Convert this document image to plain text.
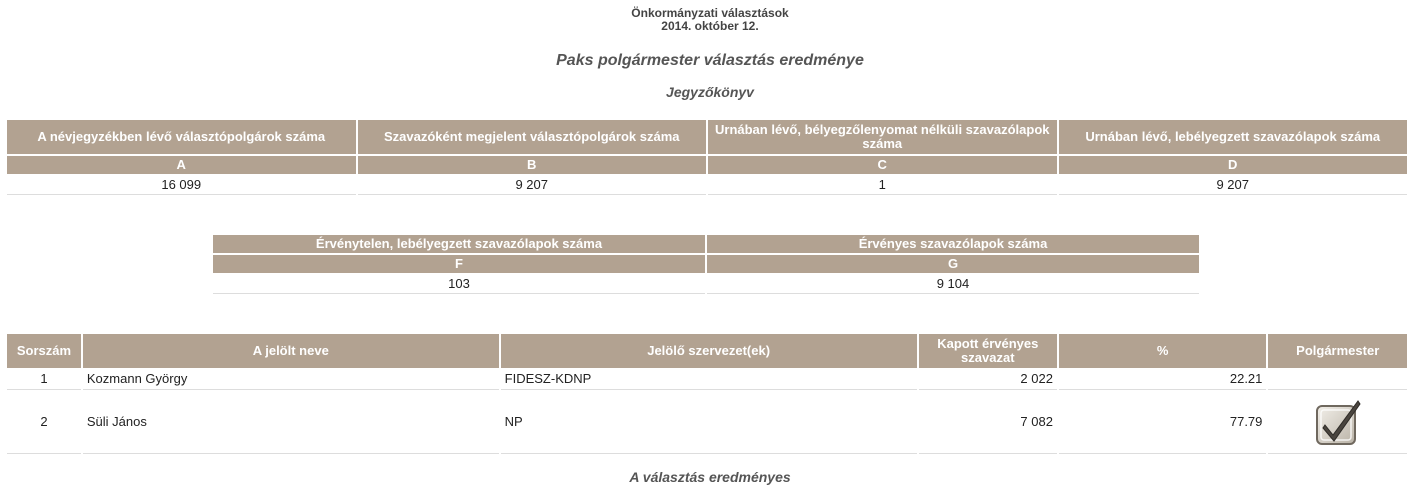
Önkormányzati választások
2014. október 12.
Paks polgármester választás eredménye
Jegyzőkönyv
A névjegyzékben lévő választópolgárok száma	Szavazóként megjelent választópolgárok száma	Urnában lévő, bélyegzőlenyomat nélküli szavazólapok száma	Urnában lévő, lebélyegzett szavazólapok száma
A	B	C	D
16 099	9 207	1	9 207
Érvénytelen, lebélyegzett szavazólapok száma	Érvényes szavazólapok száma
F	G
103	9 104
Sorszám	A jelölt neve	Jelölő szervezet(ek)	Kapott érvényes szavazat	%	Polgármester
1	Kozmann György	FIDESZ-KDNP	2 022	22.21	
2	Süli János	NP	7 082	77.79	
A választás eredményes
